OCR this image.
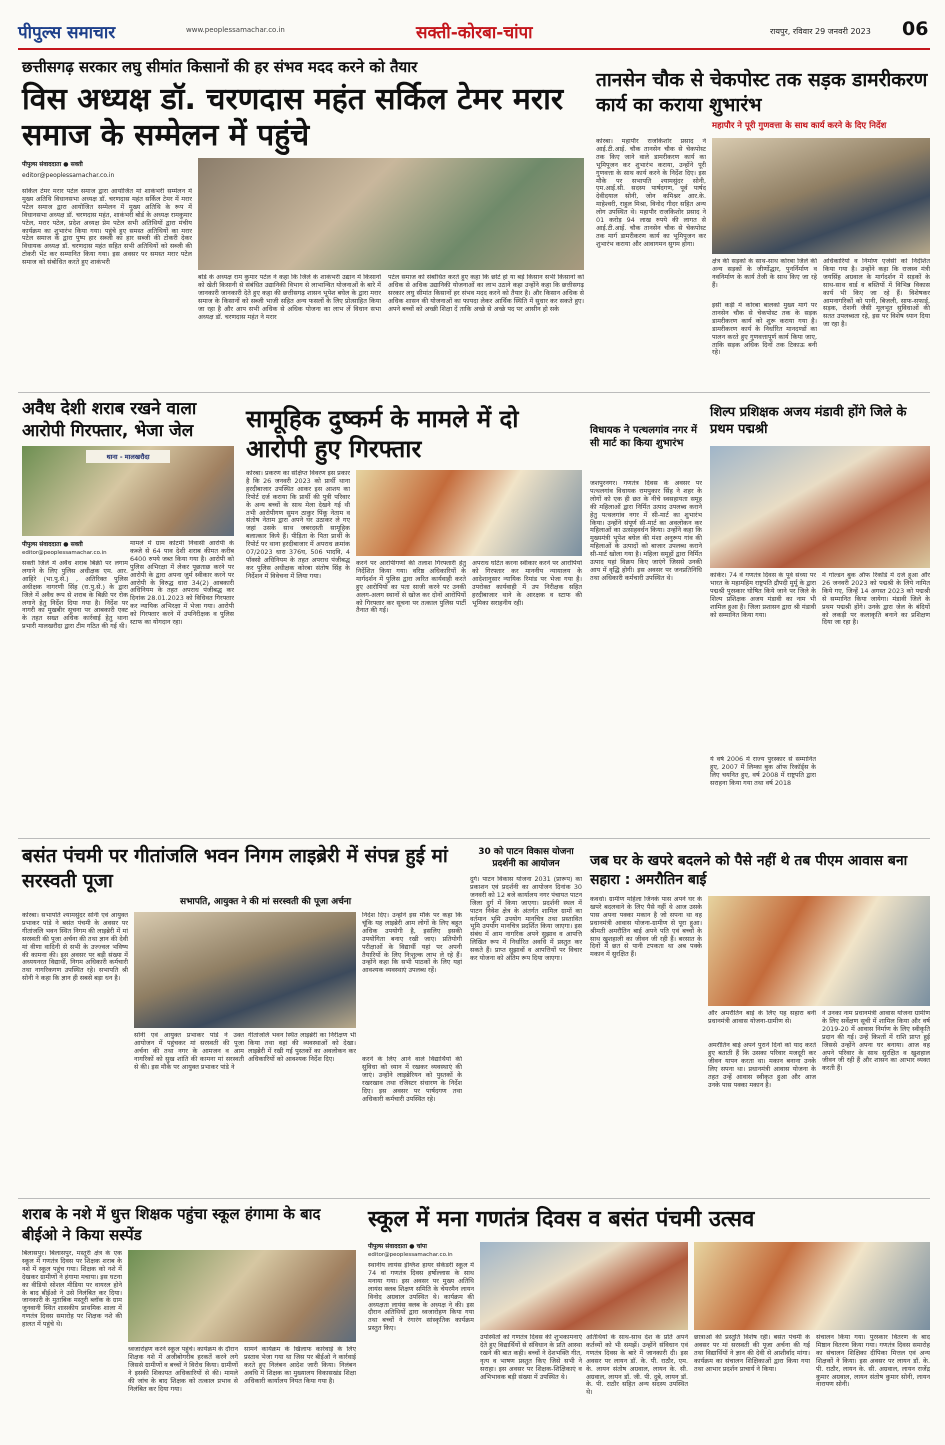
पीपुल्स समाचार	www.peoplessamachar.co.in	सक्ती-कोरबा-चांपा	रायपुर, रविवार 29 जनवरी 2023 06
छत्तीसगढ़ सरकार लघु सीमांत किसानों की हर संभव मदद करने को तैयार
विस अध्यक्ष डॉ. चरणदास महंत सर्किल टेमर मरार समाज के सम्मेलन में पहुंचे
पीपुल्स संवाददाता ● सक्ती
editor@peoplessamachar.co.in
सर्किल टेमर मरार पटेल समाज द्वारा आयोजित मां शाकंभरी सम्मेलन में मुख्य अतिथि विधानसभा अध्यक्ष डॉ. चरणदास महंत सर्किल टेमर में मरार पटेल समाज द्वारा आयोजित सम्मेलन में मुख्य अतिथि के रूप में विधानसभा अध्यक्ष डॉ. चरणदास महंत, शाकंभरी बोर्ड के अध्यक्ष रामकुमार पटेल, मरार पटेल, प्रदेश अध्यक्ष प्रेम पटेल सभी अतिथियों द्वारा मंचीय कार्यक्रम का शुभारंभ किया गया। पहुंचे हुए समस्त अतिथियों का मरार पटेल समाज के द्वारा पुष्प हार सब्जी का हार सब्जी की टोकरी देकर विधायक अध्यक्ष डॉ. चरणदास महंत सहित सभी अतिथियों को सब्जी की टोकरी भेंट कर सम्मानित किया गया। इस अवसर पर समस्त मरार पटेल समाज को संबोधित करते हुए शाकंभरी
बोर्ड के अध्यक्ष राम कुमार पटेल ने कहा कि जिले के शाकंभरी उद्यान में किसानों को खेती किसानी से संबंधित उद्यानिकी विभाग से लाभान्वित योजनाओं के बारे में जानकारी जानकारी देते हुए कहा की छत्तीसगढ़ शासन भूपेश बघेल के द्वारा मरार समाज के किसानों को सब्जी भाजी सहित अन्य फसलों के लिए प्रोत्साहित किया जा रहा है और आप सभी अधिक से अधिक योजना का लाभ लें विधान सभा अध्यक्ष डॉ. चरणदास महंत ने मरार
पटेल समाज को संबोधित करते हुए कहा कि छोटे हो या बड़े किसान सभी किसानों को अधिक से अधिक उद्यानिकी योजनाओं का लाभ उठाने कहा उन्होंने कहा कि छत्तीसगढ़ सरकार लघु सीमांत किसानों हर संभव मदद करने को तैयार है। और किसान अधिक से अधिक शासन की योजनाओं का फायदा लेकर आर्थिक स्थिति में सुधार कर सकते हुए। अपने बच्चों को अच्छी शिक्षा दें ताकि अच्छे से अच्छे पद पर आसीन हो सके
तानसेन चौक से चेकपोस्ट तक सड़क डामरीकरण कार्य का कराया शुभारंभ
महापौर ने पूरी गुणवत्ता के साथ कार्य करने के दिए निर्देश
कोरबा। महापौर राजकिशोर प्रसाद ने आई.टी.आई. चौक तानसेन चौक से चेकपोस्ट तक किए जाने वाले डामरीकरण कार्य का भूमिपूजन कर शुभारंभ कराया, उन्होंने पूरी गुणवत्ता के साथ कार्य करने के निर्देश दिए। इस मौके पर सभापति श्यामसुंदर सोनी, एम.आई.सी. सदस्य पार्षदगण, पूर्व पार्षद देवीदयाल सोनी, जोन कमिश्नर आर.के. माहेश्वरी, राहुल मिश्रा, विनोद गीदर सहित अन्य लोग उपस्थित थे। महापौर राजकिशोर प्रसाद ने 01 करोड़ 94 लाख रुपये की लागत से आई.टी.आई. चौक तानसेन चौक से चेकपोस्ट तक मार्ग डामरीकरण कार्य का भूमिपूजन कर शुभारंभ कराया और आवागमन सुगम होगा।
क्षेत्र की सड़कों के साथ-साथ कोरबा जिले की अन्य सड़कों के जीर्णोद्धार, पुनर्निर्माण व नवनिर्माण के कार्य तेजी के साथ किए जा रहे हैं।
इसी कड़ी में कोरबा बालको मुख्य मार्ग पर तानसेन चौक से चेकपोस्ट तक के सड़क डामरीकरण कार्य को शुरू कराया गया है। डामरीकरण कार्य के निर्धारित मानदण्डों का पालन करते हुए गुणवत्तापूर्ण कार्य किया जाए, ताकि सड़क अधिक दिनों तक टिकाऊ बनी रहे।
अधिकारियों व निर्माण एजेंसी को निर्देशित किया गया है। उन्होंने कहा कि राजस्व मंत्री जयसिंह अग्रवाल के मार्गदर्शन में सड़कों के साथ-साथ वार्ड व बस्तियों में विभिन्न विकास कार्य भी किए जा रहे हैं। विशेषकर आमनागरिकों को पानी, बिजली, साफ-सफाई, सड़क, रोशनी जैसी मूलभूत सुविधाओं की सतत उपलब्धता रहे, इस पर विशेष ध्यान दिया जा रहा है।
अवैध देशी शराब रखने वाला आरोपी गिरफ्तार, भेजा जेल
थाना - मालखरौदा
पीपुल्स संवाददाता ● सक्ती
editor@peoplessamachar.co.in
सक्ती जिले में अवैध शराब बिक्री पर लगाम लगाने के लिए पुलिस अधीक्षक एम. आर. आहिरे (भा.पु.से.) , अतिरिक्त पुलिस अधीक्षक नागरणी सिंह (रा.पु.से.) के द्वारा जिले में अवैध रूप से शराब के बिक्री पर रोक लगाने हेतु निर्देश दिया गया है। निर्देश पर नागरी का मुखबीर सूचना पर आबकारी एक्ट के तहत सख्त अधिक कार्रवाई हेतु थाना प्रभारी मालखरौदा द्वारा टीम गठित की गई थी।
मामले में ग्राम कोटमी निवासी आरोपी के कब्जे से 64 पाव देशी शराब कीमत करीब 6400 रुपये जब्त किया गया है। आरोपी को पुलिस अभिरक्षा में लेकर पूछताछ करने पर आरोपी के द्वारा अपना जुर्म स्वीकार करने पर आरोपी के विरुद्ध धारा 34(2) आबकारी अधिनियम के तहत अपराध पंजीबद्ध कर दिनांक 28.01.2023 को विधिवत गिरफ्तार कर न्यायिक अभिरक्षा में भेजा गया। आरोपी को गिरफ्तार करने में उपनिरीक्षक व पुलिस स्टाफ का योगदान रहा।
सामूहिक दुष्कर्म के मामले में दो आरोपी हुए गिरफ्तार
कोरबा। प्रकरण का संक्षिप्त विवरण इस प्रकार है कि 26 जनवरी 2023 को प्रार्थी थाना हरदीबाजार उपस्थित आकर इस आशय का रिपोर्ट दर्ज कराया कि प्रार्थी की पुत्री परिवार के अन्य बच्चों के साथ मेला देखने गई थी तभी आरोपीगण सुमन ठाकुर पिंकू नेताम व संतोष नेताम द्वारा अपने घर उठाकर ले गए जहां उसके साथ जबरदस्ती सामूहिक बलात्कार किये हैं। पीड़िता के पिता प्रार्थी के रिपोर्ट पर थाना हरदीबाजार में अपराध क्रमांक 07/2023 धारा 376घ, 506 भादवि, 4 पॉक्सो अधिनियम के तहत अपराध पंजीबद्ध कर पुलिस अधीक्षक कोरबा संतोष सिंह के निर्देशन में विवेचना में लिया गया।
करने पर आरोपीगणों की तलाश गिरफ्तारी हेतु निर्देशित किया गया। वरिष्ठ अधिकारियों के मार्गदर्शन में पुलिस द्वारा त्वरित कार्यवाही करते हुए आरोपियों का पता साजी करने पर उनकी अलग-अलग स्थानों से खोज कर दोनों आरोपियों को गिरफ्तार कर सूचना पर तत्काल पुलिस पार्टी तैनात की गई।
अपराध घटित करना स्वीकार करने पर आरोपियों को गिरफ्तार कर माननीय न्यायालय के आदेशानुसार न्यायिक रिमांड पर भेजा गया है। उपरोक्त कार्यवाही में उप निरीक्षक सहित हरदीबाजार थाने के आरक्षक व स्टाफ की भूमिका सराहनीय रही।
विधायक ने पत्थलगांव नगर में सी मार्ट का किया शुभारंभ
जशपुरनगर। गणतंत्र दिवस के अवसर पर पत्थलगांव विधायक रामपुकार सिंह ने शहर के लोगों को एक ही छत के नीचे स्वसहायता समूह की महिलाओं द्वारा निर्मित उत्पाद उपलब्ध कराने हेतु पत्थलगांव नगर में सी-मार्ट का शुभारंभ किया। उन्होंने संपूर्ण सी-मार्ट का अवलोकन कर महिलाओं का उत्साहवर्धन किया। उन्होंने कहा कि मुख्यमंत्री भूपेश बघेल की मंशा अनुरूप गांव की महिलाओं के उत्पादों को बाजार उपलब्ध कराने सी-मार्ट खोला गया है। महिला समूहों द्वारा निर्मित उत्पाद यहां विक्रय किए जाएंगे जिससे उनकी आय में वृद्धि होगी। इस अवसर पर जनप्रतिनिधि तथा अधिकारी कर्मचारी उपस्थित थे।
शिल्प प्रशिक्षक अजय मंडावी होंगे जिले के प्रथम पद्मश्री
कांकेर। 74 वें गणतंत्र दिवस के पूर्व संध्या पर भारत के महामहिम राष्ट्रपति द्रौपदी मुर्मू के द्वारा पद्मश्री पुरस्कार घोषित किये जाने पर जिले के शिल्प प्रशिक्षक अजय मंडावी का नाम भी शामिल हुआ है। जिला प्रशासन द्वारा श्री मंडावी को सम्मानित किया गया।
में गोल्डन बुक ऑफ रिकॉर्ड में दर्ज हुआ और 26 जनवरी 2023 को पद्मश्री के लिये नामित किये गए, जिन्हें 14 अगस्त 2023 को पद्मश्री से सम्मानित किया जायेगा। मंडावी जिले के प्रथम पद्मश्री होंगे। उनके द्वारा जेल के बंदियों को लकड़ी पर कलाकृति बनाने का प्रशिक्षण दिया जा रहा है।
ये वर्ष 2006 में राज्य पुरस्कार से सम्मानित हुए, 2007 में लिम्का बुक ऑफ रिकॉर्ड्स के लिए चयनित हुए, वर्ष 2008 में राष्ट्रपति द्वारा सराहना किया गया तथा वर्ष 2018
बसंत पंचमी पर गीतांजलि भवन निगम लाइब्रेरी में संपन्न हुई मां सरस्वती पूजा
सभापति, आयुक्त ने की मां सरस्वती की पूजा अर्चना
कोरबा। सभापति श्यामसुंदर सोनी एवं आयुक्त प्रभाकर पांडे ने बसंत पंचमी के अवसर पर गीतांजलि भवन स्थित निगम की लाइब्रेरी में मां सरस्वती की पूजा अर्चना की तथा ज्ञान की देवी मां वीणा वादिनी से सभी के उज्ज्वल भविष्य की कामना की। इस अवसर पर बड़ी संख्या में अध्ययनरत विद्यार्थी, निगम अधिकारी कर्मचारी तथा नागरिकगण उपस्थित रहे। सभापति श्री सोनी ने कहा कि ज्ञान ही सबसे बड़ा धन है।
सोनी एवं आयुक्त प्रभाकर पांडे ने उक्त आयोजन में पहुंचकर मां सरस्वती की पूजा अर्चना की तथा नगर के आमजन व आम नागरिकों को सुख शांति की कामना मां सरस्वती से की। इस मौके पर आयुक्त प्रभाकर पांडे ने
गीतांजलि भवन स्थित लाइब्रेरी का निरीक्षण भी किया तथा वहां की व्यवस्थाओं को देखा। लाइब्रेरी में रखी गई पुस्तकों का अवलोकन कर अधिकारियों को आवश्यक निर्देश दिए।
निर्देश दिए। उन्होंने इस मौके पर कहा कि चूंकि यह लाइब्रेरी आम लोगों के लिए बहुत अधिक उपयोगी है, इसलिए इसकी उपयोगिता बनाए रखी जाए। प्रतियोगी परीक्षाओं के विद्यार्थी यहां पर अपनी तैयारियों के लिए निःशुल्क लाभ ले रहे हैं। उन्होंने कहा कि सभी पाठकों के लिए यहां आवश्यक व्यवस्थाएं उपलब्ध रहें।
करने के लिए आने वाले विद्यार्थियों की सुविधा को ध्यान में रखकर व्यवस्थाएं की जाएं। उन्होंने लाइब्रेरियन को पुस्तकों के रखरखाव तथा रजिस्टर संधारण के निर्देश दिए। इस अवसर पर पार्षदगण तथा अधिकारी कर्मचारी उपस्थित रहे।
30 को पाटन विकास योजना प्रदर्शनी का आयोजन
दुर्ग। पाटन विकास योजना 2031 (प्रारूप) का प्रकाशन एवं प्रदर्शनी का आयोजन दिनांक 30 जनवरी को 12 बजे कार्यालय नगर पंचायत पाटन जिला दुर्ग में किया जाएगा। प्रदर्शनी स्थल में पाटन निवेश क्षेत्र के अंतर्गत शामिल ग्रामों का वर्तमान भूमि उपयोग मानचित्र तथा प्रस्तावित भूमि उपयोग मानचित्र प्रदर्शित किया जाएगा। इस संबंध में आम नागरिक अपने सुझाव व आपत्ति लिखित रूप में निर्धारित अवधि में प्रस्तुत कर सकते हैं। प्राप्त सुझावों व आपत्तियों पर विचार कर योजना को अंतिम रूप दिया जाएगा।
जब घर के खपरे बदलने को पैसे नहीं थे तब पीएम आवास बना सहारा : अमरौतिन बाई
कवर्धा। ग्रामीण महिला जिनके पास अपने घर के खपरे बदलवाने के लिए पैसे नहीं थे आज उसके पास अपना पक्का मकान है जो सपना था वह प्रधानमंत्री आवास योजना-ग्रामीण से पूरा हुआ। श्रीमती अमरौतिन बाई अपने पति एवं बच्चों के साथ खुशहाली का जीवन जी रही हैं। बरसात के दिनों में छत से पानी टपकता था अब पक्के मकान में सुरक्षित हैं।
और अमरौतिन बाई के लिए यह सहारा बनी प्रधानमंत्री आवास योजना-ग्रामीण से।
अमरौतिन बाई अपने पुराने दिनों को याद करते हुए बताती हैं कि उसका परिवार मजदूरी कर जीवन यापन करता था। मकान बनाना उनके लिए सपना था। प्रधानमंत्री आवास योजना के तहत उन्हें आवास स्वीकृत हुआ और आज उनके पास पक्का मकान है।
ने उनका नाम प्रधानमंत्री आवास योजना ग्रामीण के लिए सर्वेक्षण सूची में शामिल किया और वर्ष 2019-20 में आवास निर्माण के लिए स्वीकृति प्रदान की गई। उन्हें किश्तों में राशि प्राप्त हुई जिससे उन्होंने अपना घर बनाया। आज वह अपने परिवार के साथ सुरक्षित व खुशहाल जीवन जी रही हैं और शासन का आभार व्यक्त करती हैं।
शराब के नशे में धुत्त शिक्षक पहुंचा स्कूल हंगामा के बाद बीईओ ने किया सस्पेंड
बिलासपुर। बिलासपुर, मस्तूरी क्षेत्र के एक स्कूल में गणतंत्र दिवस पर शिक्षक शराब के नशे में स्कूल पहुंच गया। शिक्षक को नशे में देखकर ग्रामीणों ने हंगामा मचाया। इस घटना का वीडियो सोशल मीडिया पर वायरल होने के बाद बीईओ ने उसे निलंबित कर दिया। जानकारी के मुताबिक मस्तूरी ब्लॉक के ग्राम जुनवानी स्थित शासकीय प्राथमिक शाला में गणतंत्र दिवस समारोह पर शिक्षक नशे की हालत में पहुंचे थे।
ध्वजारोहण करने स्कूल पहुंचे। कार्यक्रम के दौरान शिक्षक नशे में अजीबोगरीब हरकतें करने लगे जिससे ग्रामीणों व बच्चों ने विरोध किया। ग्रामीणों ने इसकी शिकायत अधिकारियों से की। मामले की जांच के बाद शिक्षक को तत्काल प्रभाव से निलंबित कर दिया गया।
सामने कार्यक्रम के खिलाफ कार्रवाई के लिए प्रस्ताव भेजा गया था जिस पर बीईओ ने कार्रवाई करते हुए निलंबन आदेश जारी किया। निलंबन अवधि में शिक्षक का मुख्यालय विकासखंड शिक्षा अधिकारी कार्यालय नियत किया गया है।
स्कूल में मना गणतंत्र दिवस व बसंत पंचमी उत्सव
पीपुल्स संवाददाता ● चांपा
editor@peoplessamachar.co.in
स्थानीय लायंस इंग्लिश हायर सेकेंडरी स्कूल में 74 वां गणतंत्र दिवस हर्षोल्लास के साथ मनाया गया। इस अवसर पर मुख्य अतिथि लायंस क्लब शिक्षण समिति के चेयरमैन लायन विनोद अग्रवाल उपस्थित थे। कार्यक्रम की अध्यक्षता लायंस क्लब के अध्यक्ष ने की। इस दौरान अतिथियों द्वारा ध्वजारोहण किया गया तथा बच्चों ने रंगारंग सांस्कृतिक कार्यक्रम प्रस्तुत किए।
उपस्थितों को गणतंत्र दिवस की शुभकामनाएं देते हुए विद्यार्थियों से संविधान के प्रति आस्था रखने की बात कही। बच्चों ने देशभक्ति गीत, नृत्य व भाषण प्रस्तुत किए जिसे सभी ने सराहा। इस अवसर पर शिक्षक-शिक्षिकाएं व अभिभावक बड़ी संख्या में उपस्थित थे।
अतिथियों के साथ-साथ देश के प्रति अपने कर्तव्यों को भी समझें। उन्होंने संविधान एवं गणतंत्र दिवस के बारे में जानकारी दी। इस अवसर पर लायन डॉ. के. पी. राठौर, एम. के. लायन संतोष अग्रवाल, लायन के. सी. अग्रवाल, लायन डॉ. जी. पी. दुबे, लायन डॉ. के. पी. राठौर सहित अन्य सदस्य उपस्थित थे।
छात्राओं की प्रस्तुति विशेष रही। बसंत पंचमी के अवसर पर मां सरस्वती की पूजा अर्चना की गई तथा विद्यार्थियों ने ज्ञान की देवी से आशीर्वाद मांगा। कार्यक्रम का संचालन शिक्षिकाओं द्वारा किया गया तथा आभार प्रदर्शन प्राचार्य ने किया।
संचालन किया गया। पुरस्कार वितरण के बाद मिष्ठान वितरण किया गया। गणतंत्र दिवस समारोह का संचालन शिक्षिका दीपिका मित्तल एवं अन्य शिक्षकों ने किया। इस अवसर पर लायन डॉ. के. पी. राठौर, लायन के. सी. अग्रवाल, लायन राजेंद्र कुमार अग्रवाल, लायन संतोष कुमार सोनी, लायन नारायण सोनी।
